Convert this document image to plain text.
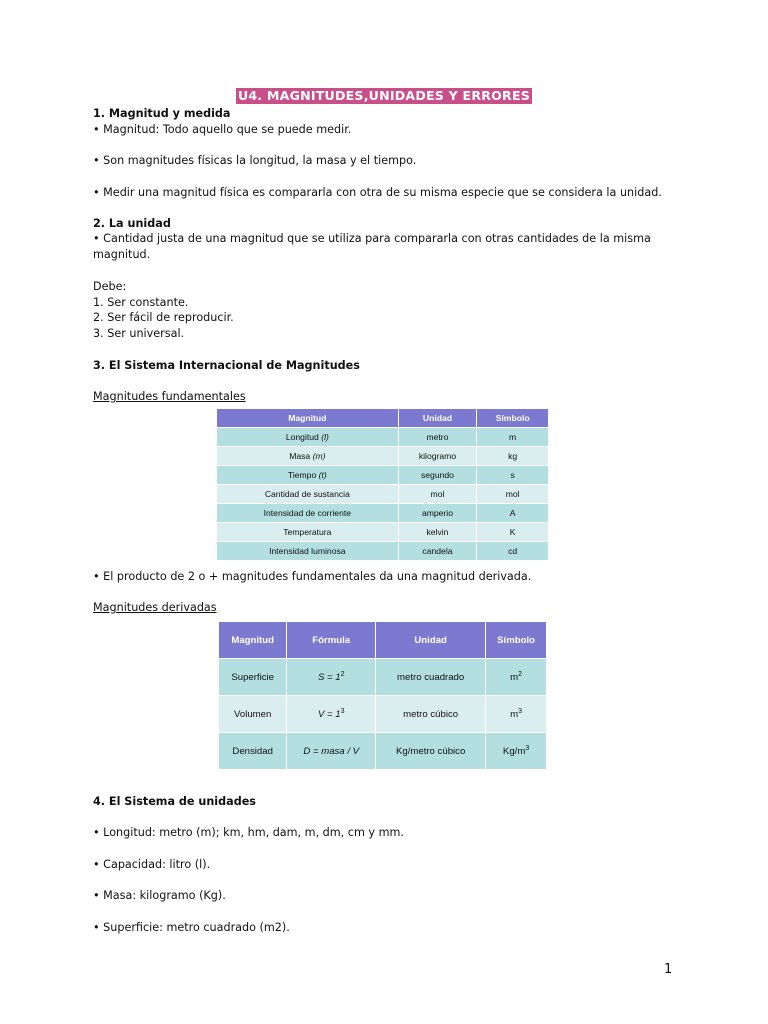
U4. MAGNITUDES,UNIDADES Y ERRORES
1. Magnitud y medida
• Magnitud: Todo aquello que se puede medir.
• Son magnitudes físicas la longitud, la masa y el tiempo.
• Medir una magnitud física es compararla con otra de su misma especie que se considera la unidad.
2. La unidad
• Cantidad justa de una magnitud que se utiliza para compararla con otras cantidades de la misma magnitud.
Debe:
1. Ser constante.
2. Ser fácil de reproducir.
3. Ser universal.
3. El Sistema Internacional de Magnitudes
Magnitudes fundamentales
Magnitud	Unidad	Símbolo
Longitud (l)	metro	m
Masa (m)	kilogramo	kg
Tiempo (t)	segundo	s
Cantidad de sustancia	mol	mol
Intensidad de corriente	amperio	A
Temperatura	kelvin	K
Intensidad luminosa	candela	cd
• El producto de 2 o + magnitudes fundamentales da una magnitud derivada.
Magnitudes derivadas
Magnitud	Fórmula	Unidad	Símbolo
Superficie	$S = 1^2$	metro cuadrado	$m^2$
Volumen	$V = 1^3$	metro cúbico	$m^3$
Densidad	D = masa / V	Kg/metro cúbico	$Kg/m^3$
4. El Sistema de unidades
• Longitud: metro (m); km, hm, dam, m, dm, cm y mm.
• Capacidad: litro (l).
• Masa: kilogramo (Kg).
• Superficie: metro cuadrado (m2).
1
